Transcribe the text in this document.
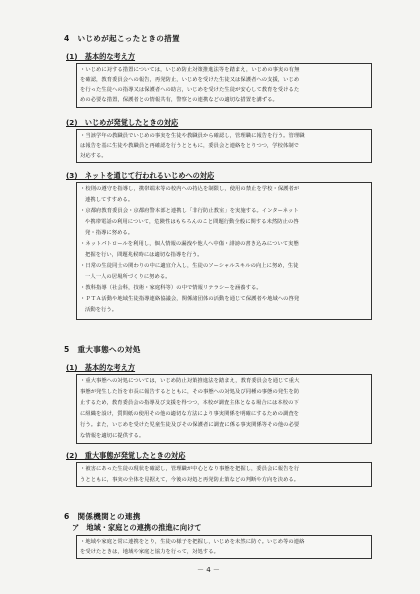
4　いじめが起こったときの措置
(1)　基本的な考え方
・いじめに対する措置については，いじめ防止対策推進法等を踏まえ，いじめの事実の有無
を確認，教育委員会への報告，再発防止，いじめを受けた生徒又は保護者への支援，いじめ
を行った生徒への指導又は保護者への助言，いじめを受けた生徒が安心して教育を受けるた
めの必要な措置，保護者との情報共有，警察との連携などの適切な措置を講ずる。
(2)　いじめが発覚したときの対応
・当該学年の教職員でいじめの事実を生徒や教職員から確認し，管理職に報告を行う。管理職
は報告を基に生徒や教職員と再確認を行うとともに，委員会と連絡をとりつつ，学校体制で
対応する。
(3)　ネットを通じて行われるいじめへの対応
・校則の遵守を指導し，携帯端末等の校内への持込を制限し，使用の禁止を学校・保護者が
連携してすすめる。
・京都府教育委員会・京都府警本部と連携し「非行防止教室」を実施する。インターネット
や携帯電話の利用について，危険性はもちろんのこと問題行動全般に関する未然防止の啓
発・指導に努める。
・ネットパトロールを利用し，個人情報の漏洩や他人へ中傷・誹謗の書き込みについて実態
把握を行い，問題兆候時には適切な指導を行う。
・日常の生徒同士の関わりの中に適宜介入し，生徒のソーシャルスキルの向上に努め，生徒
一人一人の居場所づくりに努める。
・教科指導（社会科，技術・家庭科等）の中で情報リテラシーを涵養する。
・ＰＴＡ活動や地域生徒指導連絡協議会，関係諸団体の活動を通じて保護者や地域への啓発
活動を行う。
5　重大事態への対処
(1)　基本的な考え方
・重大事態への対処については，いじめ防止対策推進法を踏まえ，教育委員会を通じて重大
事態が発生した旨を市長に報告するとともに，その事態への対処及び同種の事態の発生を防
止するため，教育委員会の指導及び支援を得つつ，本校が調査主体となる場合には本校の下
に組織を設け，質問紙の使用その他の適切な方法により事実関係を明確にするための調査を
行う。また，いじめを受けた児童生徒及びその保護者に調査に係る事実関係等その他の必要
な情報を適切に提供する。
(2)　重大事態が発覚したときの対応
・被害にあった生徒の現状を確認し，管理職が中心となり事態を把握し，委員会に報告を行
うとともに，事実の全体を見据えて，今後の対処と再発防止策などの判断や方向を決める。
6　関係機関との連携
ア　地域・家庭との連携の推進に向けて
・地域や家庭と常に連携をとり，生徒の様子を把握し，いじめを未然に防ぐ。いじめ等の連絡
を受けたときは，地域や家庭と協力を行って，対処する。
－ 4 －
